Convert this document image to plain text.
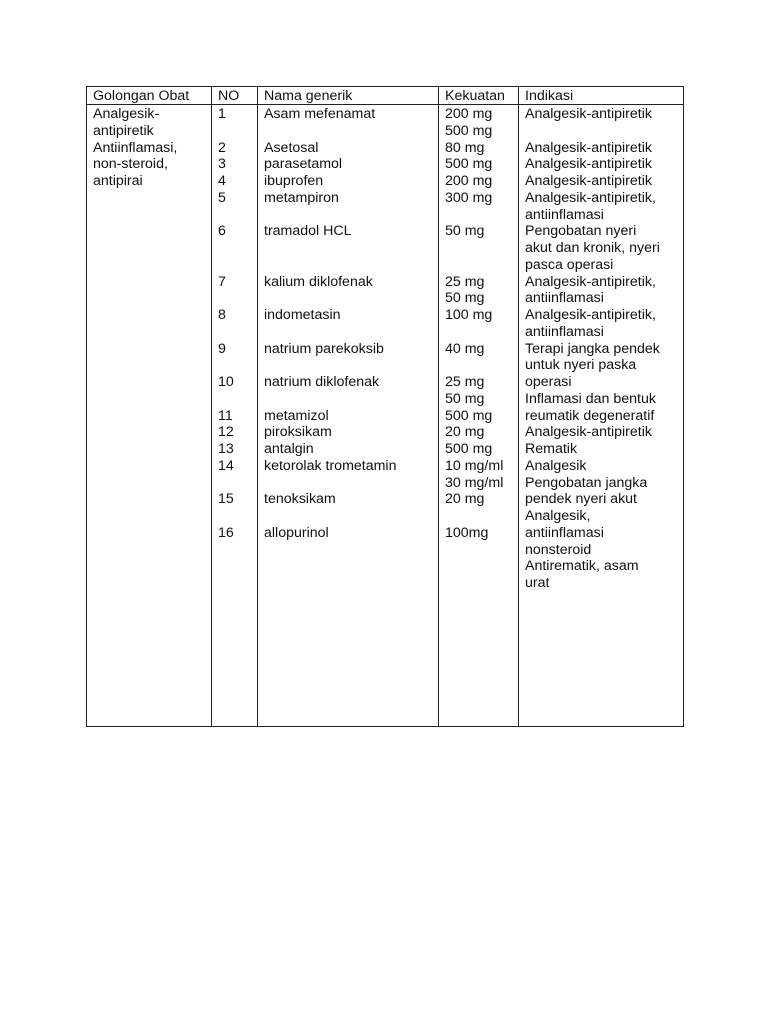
Golongan Obat NO Nama generik	Kekuatan Indikasi
Analgesik-
antipiretik
Antiinflamasi,
non-steroid,
antipirai
1
2
3
4
5
6
7
8
9
10
11
12
13
14
15
16
Asam mefenamat
Asetosal
parasetamol
ibuprofen
metampiron
tramadol HCL
kalium diklofenak
indometasin
natrium parekoksib
natrium diklofenak
metamizol
piroksikam
antalgin
ketorolak trometamin
tenoksikam
allopurinol
200 mg
500 mg
80 mg
500 mg
200 mg
300 mg
50 mg
25 mg
50 mg
100 mg
40 mg
25 mg
50 mg
500 mg
20 mg
500 mg
10 mg/ml
30 mg/ml
20 mg
100mg
Analgesik-antipiretik
Analgesik-antipiretik
Analgesik-antipiretik
Analgesik-antipiretik
Analgesik-antipiretik,
antiinflamasi
Pengobatan nyeri
akut dan kronik, nyeri
pasca operasi
Analgesik-antipiretik,
antiinflamasi
Analgesik-antipiretik,
antiinflamasi
Terapi jangka pendek
untuk nyeri paska
operasi
Inflamasi dan bentuk
reumatik degeneratif
Analgesik-antipiretik
Rematik
Analgesik
Pengobatan jangka
pendek nyeri akut
Analgesik,
antiinflamasi
nonsteroid
Antirematik, asam
urat
